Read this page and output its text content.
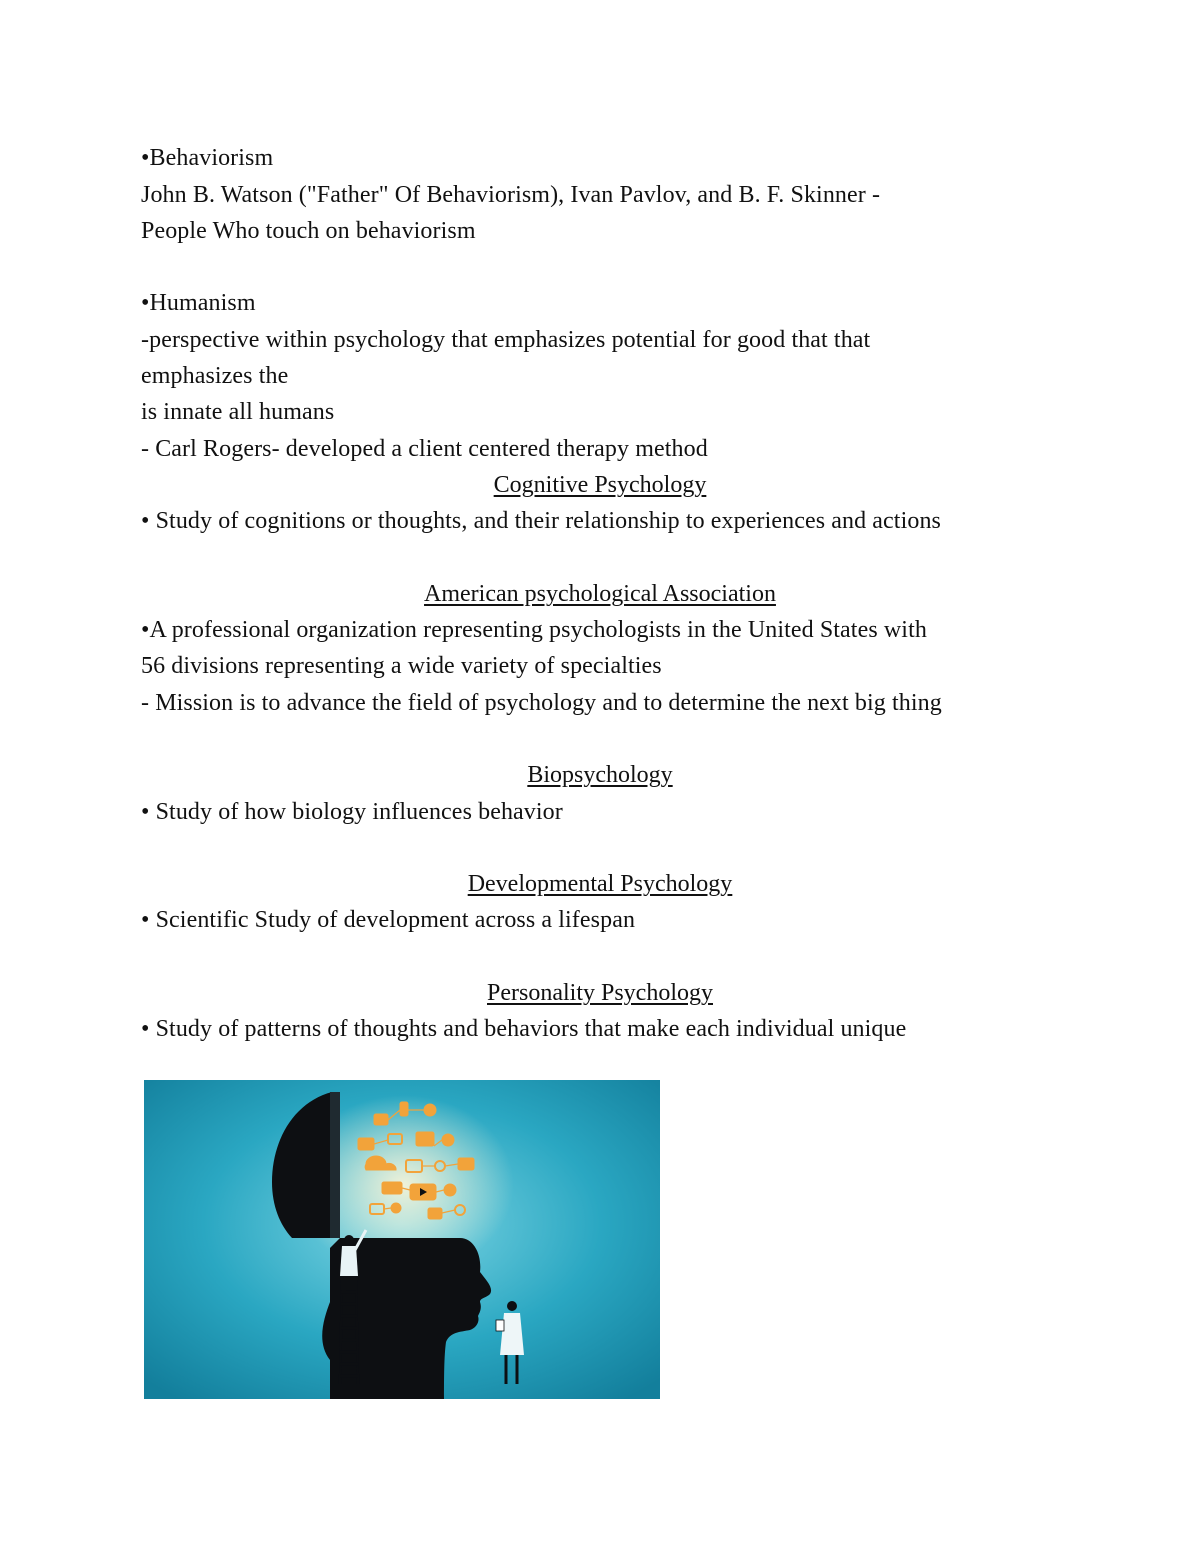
•Behaviorism
John B. Watson ("Father" Of Behaviorism), Ivan Pavlov, and B. F. Skinner -
People Who touch on behaviorism
•Humanism
-perspective within psychology that emphasizes potential for good that that
emphasizes the
is innate all humans
- Carl Rogers- developed a client centered therapy method
Cognitive Psychology
• Study of cognitions or thoughts, and their relationship to experiences and actions
American psychological Association
•A professional organization representing psychologists in the United States with
56 divisions representing a wide variety of specialties
- Mission is to advance the field of psychology and to determine the next big thing
Biopsychology
• Study of how biology influences behavior
Developmental Psychology
• Scientific Study of development across a lifespan
Personality Psychology
• Study of patterns of thoughts and behaviors that make each individual unique
